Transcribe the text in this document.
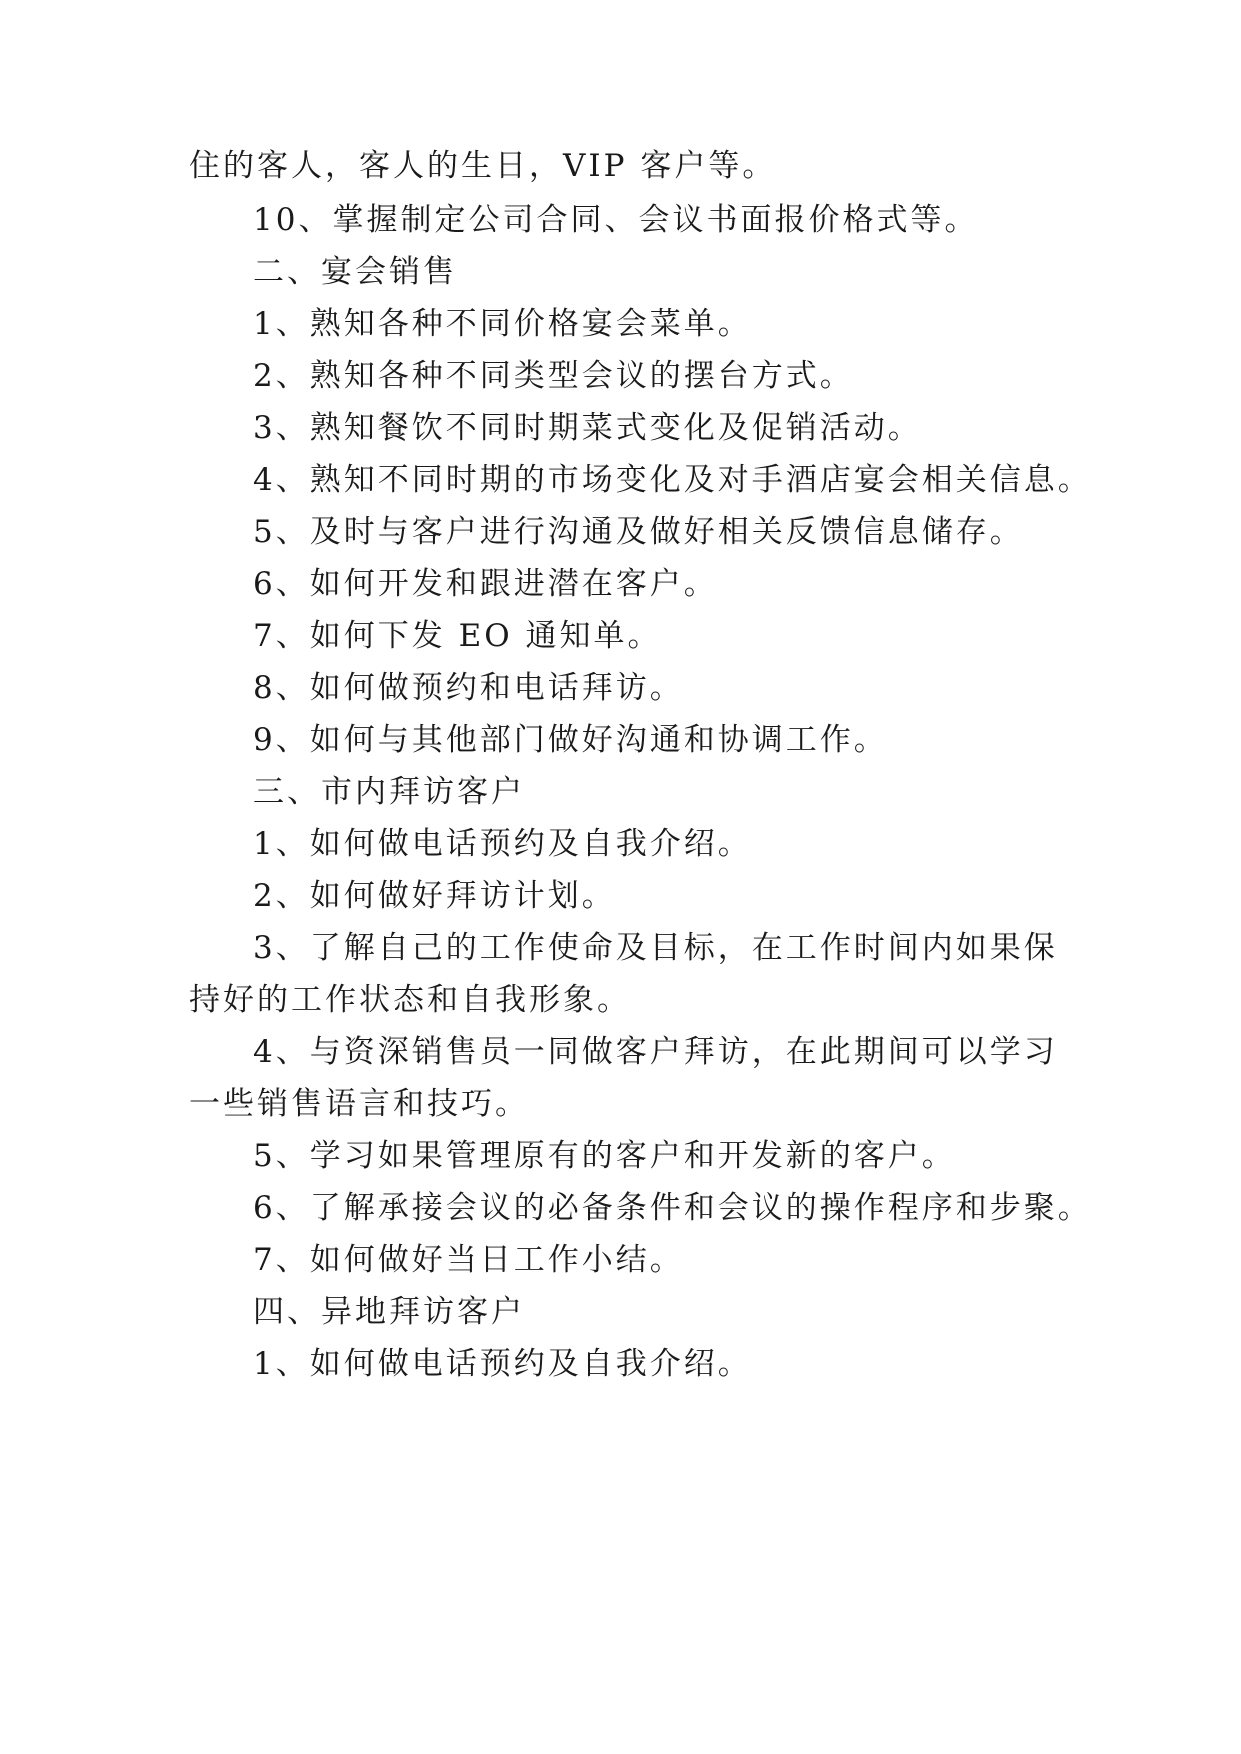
住的客人，客人的生日，VIP 客户等。
10、掌握制定公司合同、会议书面报价格式等。
二、宴会销售
1、熟知各种不同价格宴会菜单。
2、熟知各种不同类型会议的摆台方式。
3、熟知餐饮不同时期菜式变化及促销活动。
4、熟知不同时期的市场变化及对手酒店宴会相关信息。
5、及时与客户进行沟通及做好相关反馈信息储存。
6、如何开发和跟进潜在客户。
7、如何下发 EO 通知单。
8、如何做预约和电话拜访。
9、如何与其他部门做好沟通和协调工作。
三、市内拜访客户
1、如何做电话预约及自我介绍。
2、如何做好拜访计划。
3、了解自己的工作使命及目标，在工作时间内如果保
持好的工作状态和自我形象。
4、与资深销售员一同做客户拜访，在此期间可以学习
一些销售语言和技巧。
5、学习如果管理原有的客户和开发新的客户。
6、了解承接会议的必备条件和会议的操作程序和步聚。
7、如何做好当日工作小结。
四、异地拜访客户
1、如何做电话预约及自我介绍。
